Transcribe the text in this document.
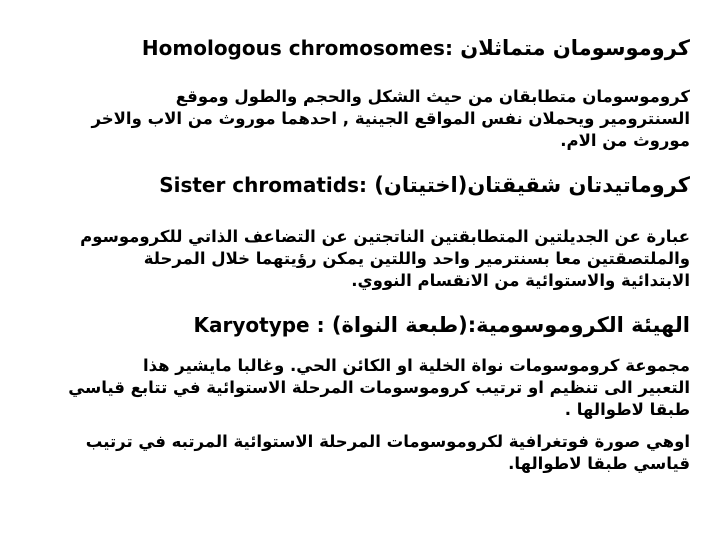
كروموسومان متماثلان Homologous chromosomes:
كروموسومان متطابقان من حيث الشكل والحجم والطول وموقع
السنترومير ويحملان نفس المواقع الجينية , احدهما موروث من الاب والاخر
موروث من الام.
كروماتيدتان شقيقتان(اختيتان) Sister chromatids:
عبارة عن الجديلتين المتطابقتين الناتجتين عن التضاعف الذاتي للكروموسوم
والملتصقتين معا بسنترمير واحد واللتين يمكن رؤيتهما خلال المرحلة
الابتدائية والاستوائية من الانقسام النووي.
الهيئة الكروموسومية:(طبعة النواة) Karyotype :
مجموعة كروموسومات نواة الخلية او الكائن الحي. وغالبا مايشير هذا
التعبير الى تنظيم او ترتيب كروموسومات المرحلة الاستوائية في تتابع قياسي
طبقا لاطوالها .
اوهي صورة فوتغرافية لكروموسومات المرحلة الاستوائية المرتبه في ترتيب
قياسي طبقا لاطوالها.
